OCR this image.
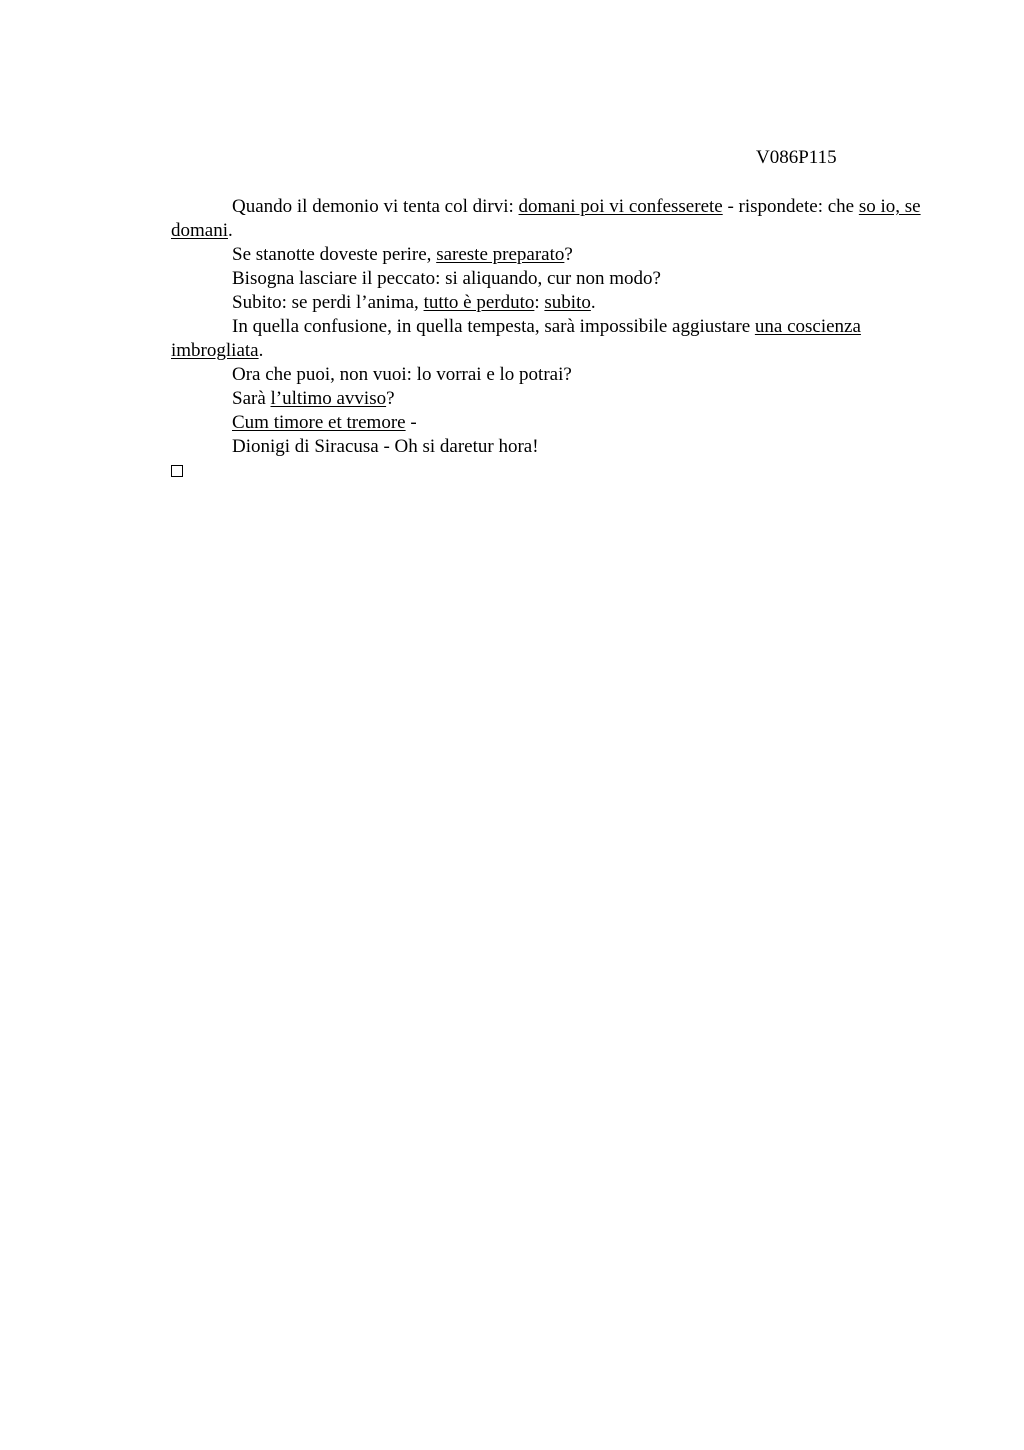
V086P115

Quando il demonio vi tenta col dirvi: domani poi vi confesserete - rispondete: che so io, se domani.

Se stanotte doveste perire, sareste preparato?

Bisogna lasciare il peccato: si aliquando, cur non modo?

Subito: se perdi l’anima, tutto è perduto: subito.

In quella confusione, in quella tempesta, sarà impossibile aggiustare una coscienza imbrogliata.

Ora che puoi, non vuoi: lo vorrai e lo potrai?

Sarà l’ultimo avviso?

Cum timore et tremore -

Dionigi di Siracusa - Oh si daretur hora!
